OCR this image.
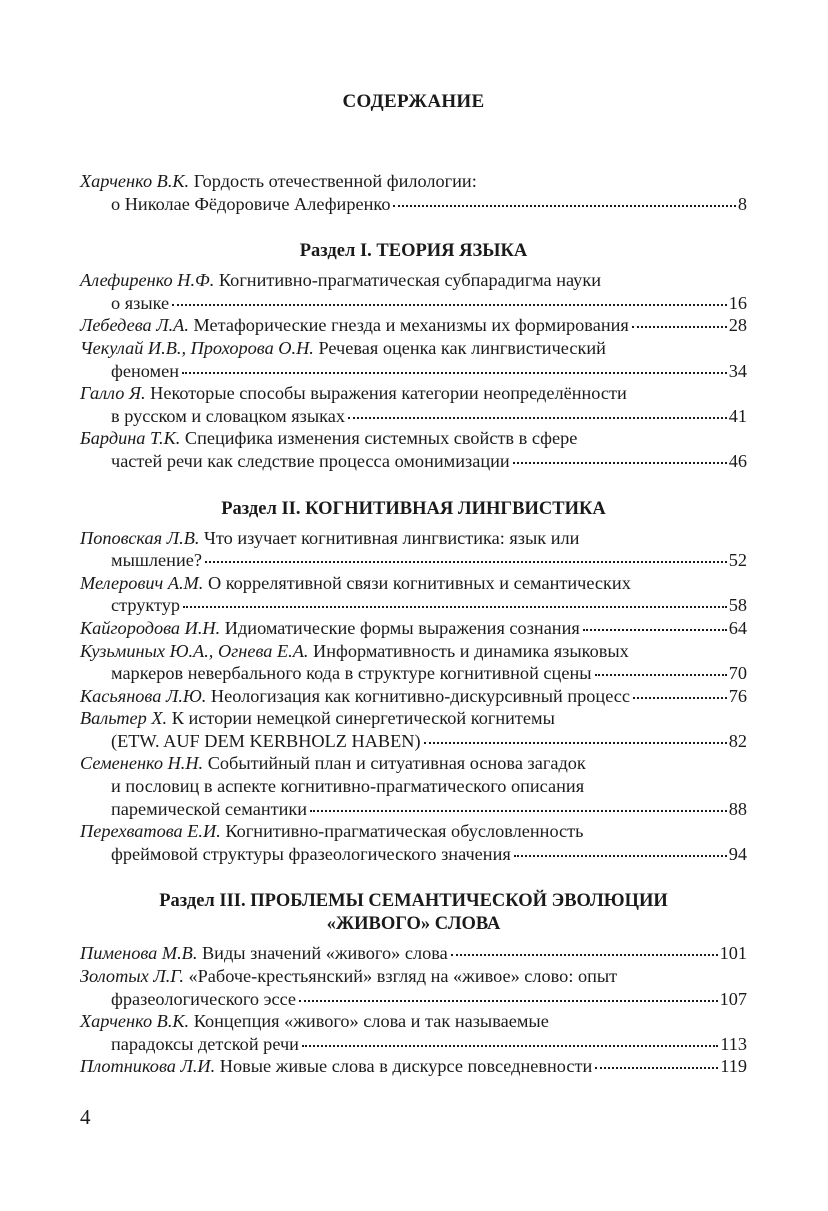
СОДЕРЖАНИЕ
Харченко В.К.
Гордость отечественной филологии:
о Николае Фёдоровиче Алефиренко	8
Раздел I. ТЕОРИЯ ЯЗЫКА
Алефиренко Н.Ф.
Когнитивно-прагматическая субпарадигма науки
о языке	16
Лебедева Л.А.
Метафорические гнезда и механизмы их формирования	28
Чекулай И.В., Прохорова О.Н.
Речевая оценка как лингвистический
феномен	34
Галло Я.
Некоторые способы выражения категории неопределённости
в русском и словацком языках	41
Бардина Т.К.
Специфика изменения системных свойств в сфере
частей речи как следствие процесса омонимизации	46
Раздел II. КОГНИТИВНАЯ ЛИНГВИСТИКА
Поповская Л.В.
Что изучает когнитивная лингвистика: язык или
мышление?	52
Мелерович А.М.
О коррелятивной связи когнитивных и семантических
структур	58
Кайгородова И.Н.
Идиоматические формы выражения сознания	64
Кузьминых Ю.А., Огнева Е.А.
Информативность и динамика языковых
маркеров невербального кода в структуре когнитивной сцены	70
Касьянова Л.Ю.
Неологизация как когнитивно-дискурсивный процесс	76
Вальтер Х.
К истории немецкой синергетической когнитемы
(ETW. AUF DEM KERBHOLZ HABEN)	82
Семененко Н.Н.
Событийный план и ситуативная основа загадок
и пословиц в аспекте когнитивно-прагматического описания
паремической семантики	88
Перехватова Е.И.
Когнитивно-прагматическая обусловленность
фреймовой структуры фразеологического значения	94
Раздел III. ПРОБЛЕМЫ СЕМАНТИЧЕСКОЙ ЭВОЛЮЦИИ
«ЖИВОГО» СЛОВА
Пименова М.В.
Виды значений «живого» слова	101
Золотых Л.Г.
«Рабоче-крестьянский» взгляд на «живое» слово: опыт
фразеологического эссе	107
Харченко В.К.
Концепция «живого» слова и так называемые
парадоксы детской речи	113
Плотникова Л.И.
Новые живые слова в дискурсе повседневности	119
4
